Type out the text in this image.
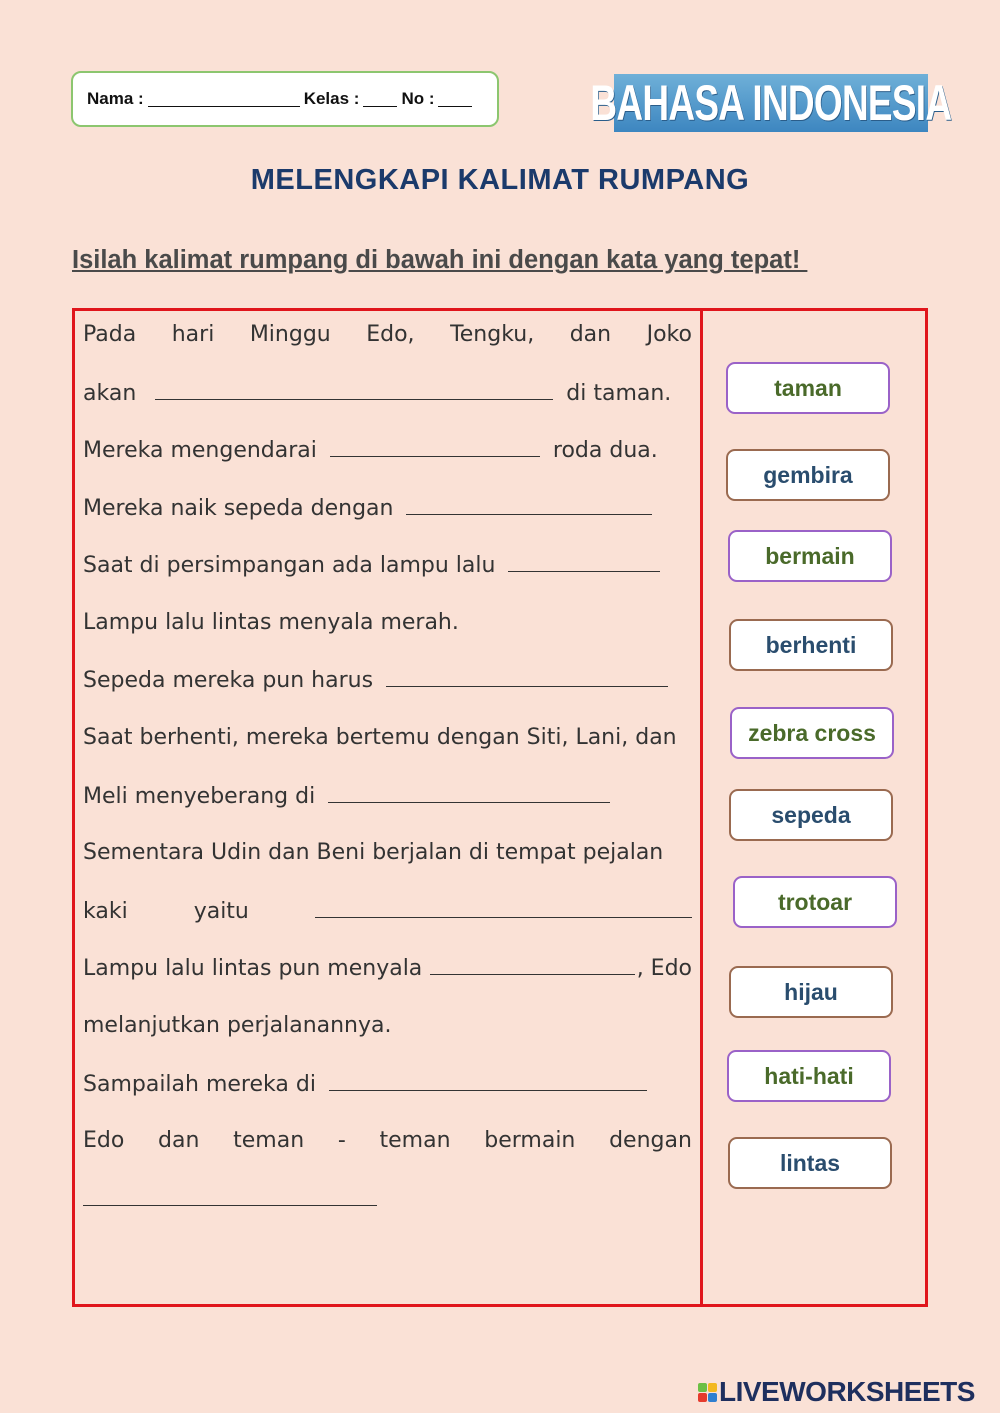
Nama :	Kelas : No :	BAHASA INDONESIA
MELENGKAPI KALIMAT RUMPANG
Isilah kalimat rumpang di bawah ini dengan kata yang tepat!
Pada hari Minggu Edo, Tengku, dan Joko
akan	di taman.
Mereka mengendarai	roda dua.
Mereka naik sepeda dengan
Saat di persimpangan ada lampu lalu
Lampu lalu lintas menyala merah.
Sepeda mereka pun harus
Saat berhenti, mereka bertemu dengan Siti, Lani, dan
Meli menyeberang di
Sementara Udin dan Beni berjalan di tempat pejalan
kaki	yaitu
Lampu lalu lintas pun menyala	, Edo
melanjutkan perjalanannya.
Sampailah mereka di
Edo dan teman - teman bermain dengan
taman
gembira
bermain
berhenti
zebra cross
sepeda
trotoar
hijau
hati-hati
lintas
LIVEWORKSHEETS
